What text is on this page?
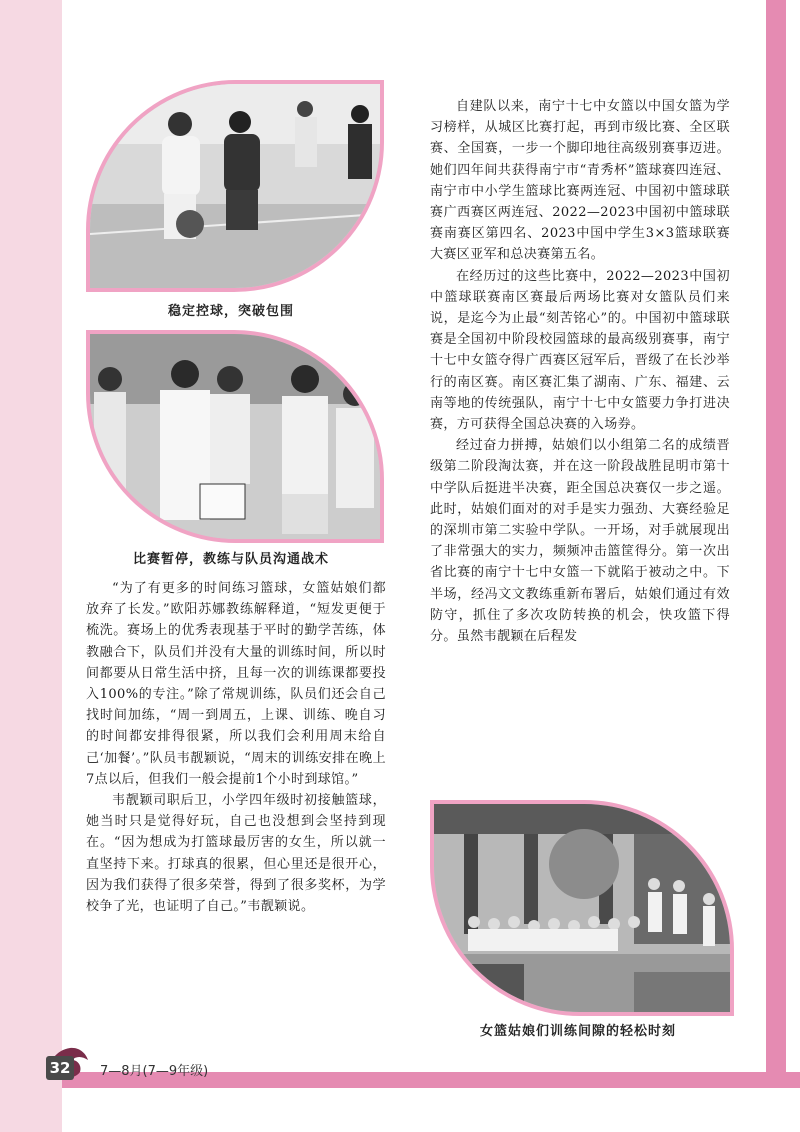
稳定控球，突破包围
比赛暂停，教练与队员沟通战术
女篮姑娘们训练间隙的轻松时刻

“为了有更多的时间练习篮球，女篮姑娘们都放弃了长发。”欧阳苏娜教练解释道，“短发更便于梳洗。赛场上的优秀表现基于平时的勤学苦练，体教融合下，队员们并没有大量的训练时间，所以时间都要从日常生活中挤，且每一次的训练课都要投入100%的专注。”除了常规训练，队员们还会自己找时间加练，“周一到周五，上课、训练、晚自习的时间都安排得很紧，所以我们会利用周末给自己‘加餐’。”队员韦靓颖说，“周末的训练安排在晚上7点以后，但我们一般会提前1个小时到球馆。”

韦靓颖司职后卫，小学四年级时初接触篮球，她当时只是觉得好玩，自己也没想到会坚持到现在。“因为想成为打篮球最厉害的女生，所以就一直坚持下来。打球真的很累，但心里还是很开心，因为我们获得了很多荣誉，得到了很多奖杯，为学校争了光，也证明了自己。”韦靓颖说。

自建队以来，南宁十七中女篮以中国女篮为学习榜样，从城区比赛打起，再到市级比赛、全区联赛、全国赛，一步一个脚印地往高级别赛事迈进。她们四年间共获得南宁市“青秀杯”篮球赛四连冠、南宁市中小学生篮球比赛两连冠、中国初中篮球联赛广西赛区两连冠、2022—2023中国初中篮球联赛南赛区第四名、2023中国中学生3×3篮球联赛大赛区亚军和总决赛第五名。

在经历过的这些比赛中，2022—2023中国初中篮球联赛南区赛最后两场比赛对女篮队员们来说，是迄今为止最“刻苦铭心”的。中国初中篮球联赛是全国初中阶段校园篮球的最高级别赛事，南宁十七中女篮夺得广西赛区冠军后，晋级了在长沙举行的南区赛。南区赛汇集了湖南、广东、福建、云南等地的传统强队，南宁十七中女篮要力争打进决赛，方可获得全国总决赛的入场券。

经过奋力拼搏，姑娘们以小组第二名的成绩晋级第二阶段淘汰赛，并在这一阶段战胜昆明市第十中学队后挺进半决赛，距全国总决赛仅一步之遥。此时，姑娘们面对的对手是实力强劲、大赛经验足的深圳市第二实验中学队。一开场，对手就展现出了非常强大的实力，频频冲击篮筐得分。第一次出省比赛的南宁十七中女篮一下就陷于被动之中。下半场，经冯文文教练重新布署后，姑娘们通过有效防守，抓住了多次攻防转换的机会，快攻篮下得分。虽然韦靓颖在后程发

32 7—8月(7—9年级)
